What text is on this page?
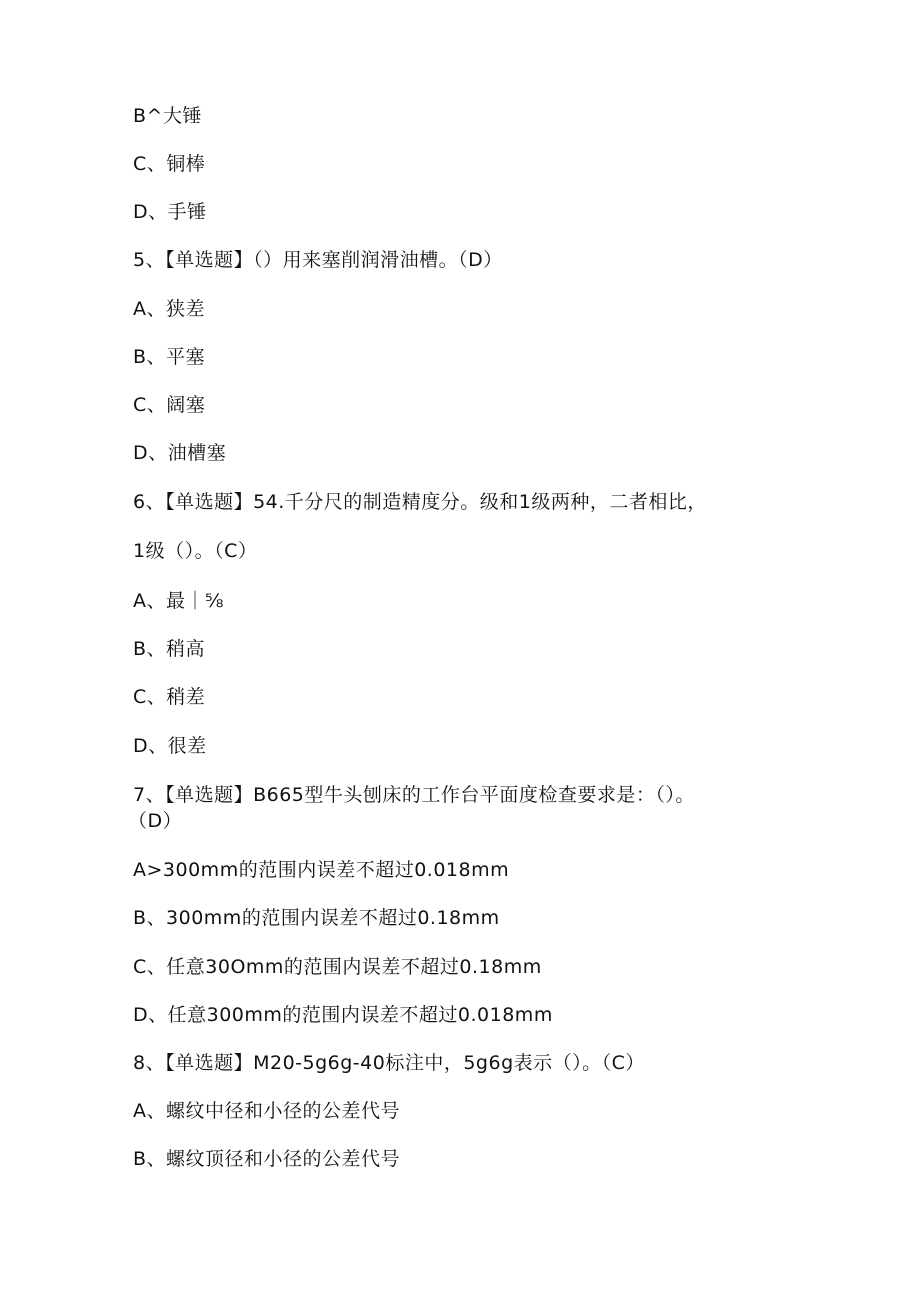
B^大锤
C、铜棒
D、手锤
5、【单选题】（）用来塞削润滑油槽。（D）
A、狭差
B、平塞
C、阔塞
D、油槽塞
6、【单选题】54.千分尺的制造精度分。级和1级两种，二者相比，
1级（）。（C）
A、最｜⅝
B、稍高
C、稍差
D、很差
7、【单选题】B665型牛头刨床的工作台平面度检查要求是：（）。
（D）
A>300mm的范围内误差不超过0.018mm
B、300mm的范围内误差不超过0.18mm
C、任意30Omm的范围内误差不超过0.18mm
D、任意300mm的范围内误差不超过0.018mm
8、【单选题】M20-5g6g-40标注中，5g6g表示（）。（C）
A、螺纹中径和小径的公差代号
B、螺纹顶径和小径的公差代号
